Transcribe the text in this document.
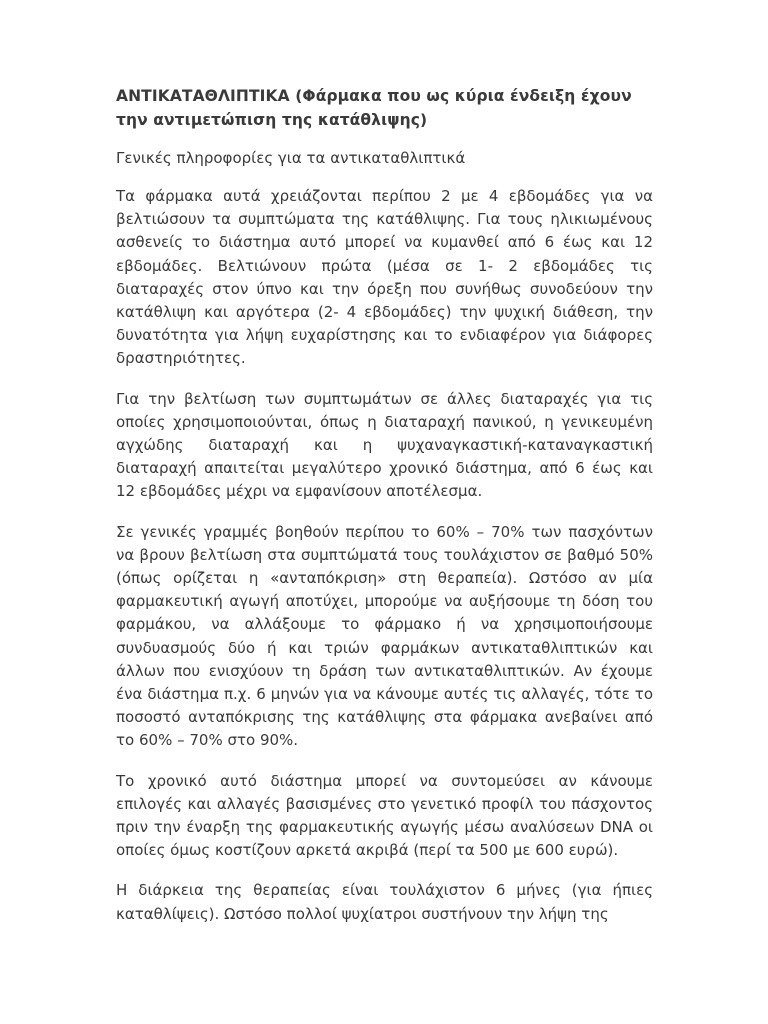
ΑΝΤΙΚΑΤΑΘΛΙΠΤΙΚΑ (Φάρμακα που ως κύρια ένδειξη έχουν την αντιμετώπιση της κατάθλιψης)

Γενικές πληροφορίες για τα αντικαταθλιπτικά

Τα φάρμακα αυτά χρειάζονται περίπου 2 με 4 εβδομάδες για να βελτιώσουν τα συμπτώματα της κατάθλιψης. Για τους ηλικιωμένους ασθενείς το διάστημα αυτό μπορεί να κυμανθεί από 6 έως και 12 εβδομάδες. Βελτιώνουν πρώτα (μέσα σε 1- 2 εβδομάδες τις διαταραχές στον ύπνο και την όρεξη που συνήθως συνοδεύουν την κατάθλιψη και αργότερα (2- 4 εβδομάδες) την ψυχική διάθεση, την δυνατότητα για λήψη ευχαρίστησης και το ενδιαφέρον για διάφορες δραστηριότητες.

Για την βελτίωση των συμπτωμάτων σε άλλες διαταραχές για τις οποίες χρησιμοποιούνται, όπως η διαταραχή πανικού, η γενικευμένη αγχώδης διαταραχή και η ψυχαναγκαστική-καταναγκαστική διαταραχή απαιτείται μεγαλύτερο χρονικό διάστημα, από 6 έως και 12 εβδομάδες μέχρι να εμφανίσουν αποτέλεσμα.

Σε γενικές γραμμές βοηθούν περίπου το 60% – 70% των πασχόντων να βρουν βελτίωση στα συμπτώματά τους τουλάχιστον σε βαθμό 50% (όπως ορίζεται η «ανταπόκριση» στη θεραπεία). Ωστόσο αν μία φαρμακευτική αγωγή αποτύχει, μπορούμε να αυξήσουμε τη δόση του φαρμάκου, να αλλάξουμε το φάρμακο ή να χρησιμοποιήσουμε συνδυασμούς δύο ή και τριών φαρμάκων αντικαταθλιπτικών και άλλων που ενισχύουν τη δράση των αντικαταθλιπτικών. Αν έχουμε ένα διάστημα π.χ. 6 μηνών για να κάνουμε αυτές τις αλλαγές, τότε το ποσοστό ανταπόκρισης της κατάθλιψης στα φάρμακα ανεβαίνει από το 60% – 70% στο 90%.

Το χρονικό αυτό διάστημα μπορεί να συντομεύσει αν κάνουμε επιλογές και αλλαγές βασισμένες στο γενετικό προφίλ του πάσχοντος πριν την έναρξη της φαρμακευτικής αγωγής μέσω αναλύσεων DNA οι οποίες όμως κοστίζουν αρκετά ακριβά (περί τα 500 με 600 ευρώ).

Η διάρκεια της θεραπείας είναι τουλάχιστον 6 μήνες (για ήπιες καταθλίψεις). Ωστόσο πολλοί ψυχίατροι συστήνουν την λήψη της
